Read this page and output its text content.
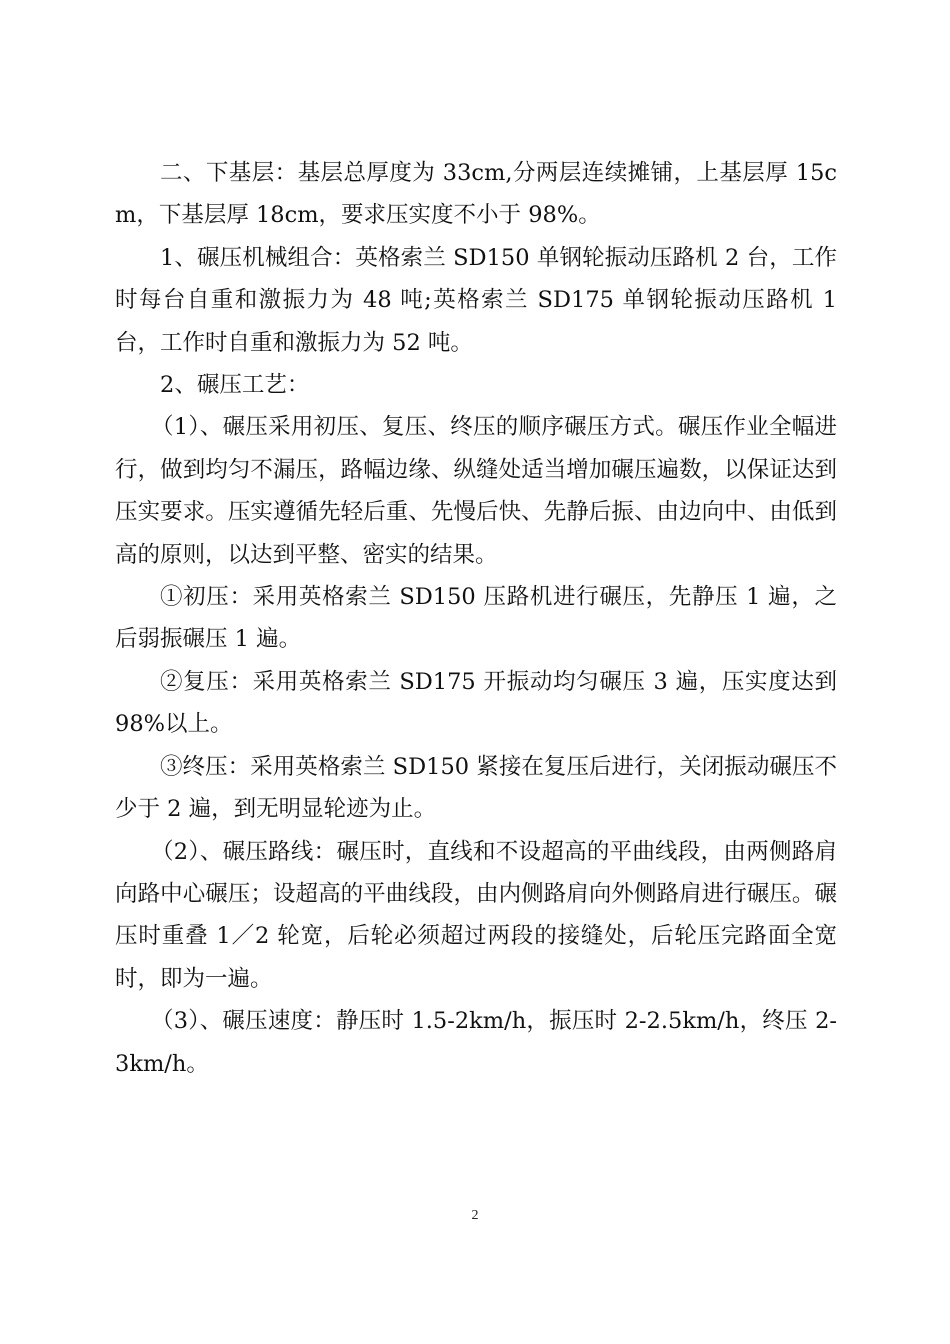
二、下基层：基层总厚度为 33cm,分两层连续摊铺，上基层厚 15cm，下基层厚 18cm，要求压实度不小于 98%。

1、碾压机械组合：英格索兰 SD150 单钢轮振动压路机 2 台，工作时每台自重和激振力为 48 吨;英格索兰 SD175 单钢轮振动压路机 1 台，工作时自重和激振力为 52 吨。

2、碾压工艺：

（1）、碾压采用初压、复压、终压的顺序碾压方式。碾压作业全幅进行，做到均匀不漏压，路幅边缘、纵缝处适当增加碾压遍数，以保证达到压实要求。压实遵循先轻后重、先慢后快、先静后振、由边向中、由低到高的原则，以达到平整、密实的结果。

①初压：采用英格索兰 SD150 压路机进行碾压，先静压 1 遍，之后弱振碾压 1 遍。

②复压：采用英格索兰 SD175 开振动均匀碾压 3 遍，压实度达到 98%以上。

③终压：采用英格索兰 SD150 紧接在复压后进行，关闭振动碾压不少于 2 遍，到无明显轮迹为止。

（2）、碾压路线：碾压时，直线和不设超高的平曲线段，由两侧路肩向路中心碾压；设超高的平曲线段，由内侧路肩向外侧路肩进行碾压。碾压时重叠 1／2 轮宽，后轮必须超过两段的接缝处，后轮压完路面全宽时，即为一遍。

（3）、碾压速度：静压时 1.5-2km/h，振压时 2-2.5km/h，终压 2-3km/h。

2
